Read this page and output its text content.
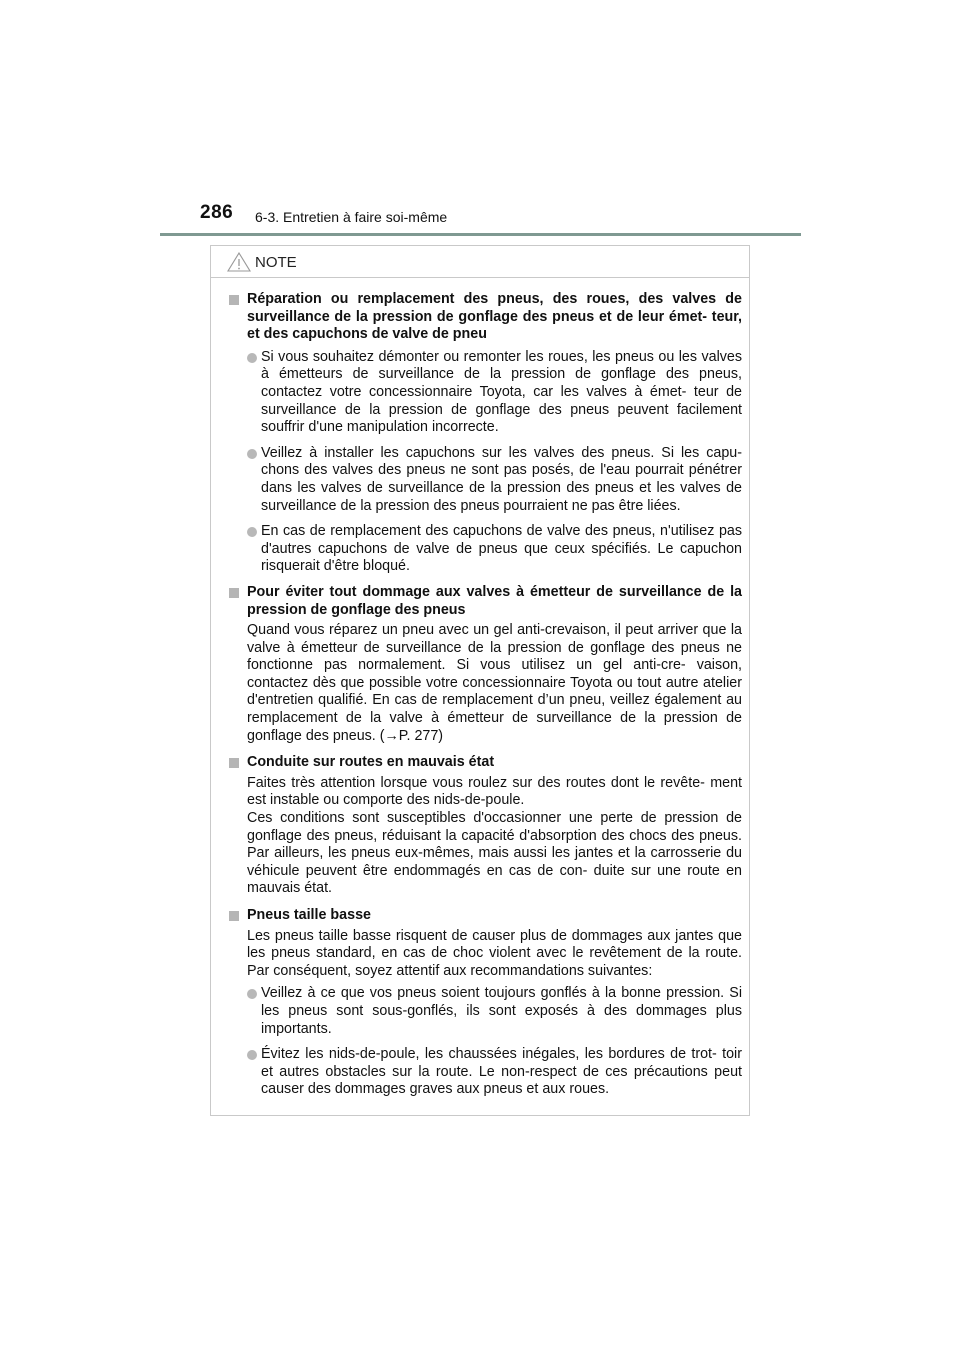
286 6-3. Entretien à faire soi-même
NOTE
Réparation ou remplacement des pneus, des roues, des valves de surveillance de la pression de gonflage des pneus et de leur émet- teur, et des capuchons de valve de pneu
Si vous souhaitez démonter ou remonter les roues, les pneus ou les valves à émetteurs de surveillance de la pression de gonflage des pneus, contactez votre concessionnaire Toyota, car les valves à émet- teur de surveillance de la pression de gonflage des pneus peuvent facilement souffrir d'une manipulation incorrecte.
Veillez à installer les capuchons sur les valves des pneus. Si les capu- chons des valves des pneus ne sont pas posés, de l'eau pourrait pénétrer dans les valves de surveillance de la pression des pneus et les valves de surveillance de la pression des pneus pourraient ne pas être liées.
En cas de remplacement des capuchons de valve des pneus, n'utilisez pas d'autres capuchons de valve de pneus que ceux spécifiés. Le capuchon risquerait d'être bloqué.
Pour éviter tout dommage aux valves à émetteur de surveillance de la pression de gonflage des pneus
Quand vous réparez un pneu avec un gel anti-crevaison, il peut arriver que la valve à émetteur de surveillance de la pression de gonflage des pneus ne fonctionne pas normalement. Si vous utilisez un gel anti-cre- vaison, contactez dès que possible votre concessionnaire Toyota ou tout autre atelier d'entretien qualifié. En cas de remplacement d’un pneu, veillez également au remplacement de la valve à émetteur de surveillance de la pression de gonflage des pneus. (→P. 277)
Conduite sur routes en mauvais état
Faites très attention lorsque vous roulez sur des routes dont le revête- ment est instable ou comporte des nids-de-poule.
Ces conditions sont susceptibles d'occasionner une perte de pression de gonflage des pneus, réduisant la capacité d'absorption des chocs des pneus. Par ailleurs, les pneus eux-mêmes, mais aussi les jantes et la carrosserie du véhicule peuvent être endommagés en cas de con- duite sur une route en mauvais état.
Pneus taille basse
Les pneus taille basse risquent de causer plus de dommages aux jantes que les pneus standard, en cas de choc violent avec le revêtement de la route. Par conséquent, soyez attentif aux recommandations suivantes:
Veillez à ce que vos pneus soient toujours gonflés à la bonne pression. Si les pneus sont sous-gonflés, ils sont exposés à des dommages plus importants.
Évitez les nids-de-poule, les chaussées inégales, les bordures de trot- toir et autres obstacles sur la route. Le non-respect de ces précautions peut causer des dommages graves aux pneus et aux roues.
